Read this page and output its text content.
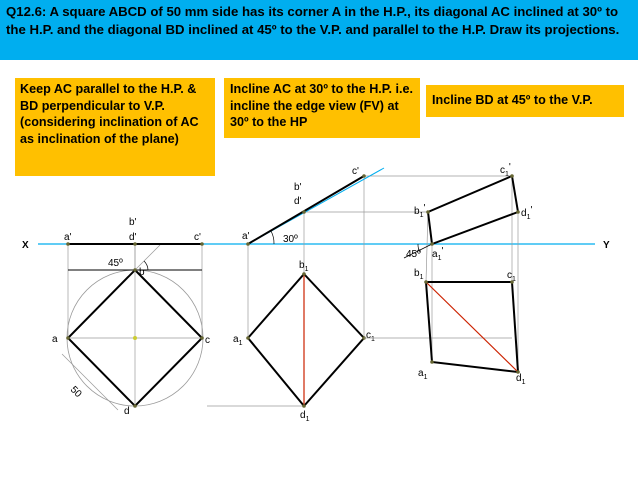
Q12.6: A square ABCD of 50 mm side has its corner A in the H.P., its diagonal AC inclined at 30º to the H.P. and the diagonal BD inclined at 45º to the V.P. and parallel to the H.P. Draw its projections.
Keep AC parallel to the H.P. & BD perpendicular to V.P. (considering inclination of AC as inclination of the plane)
Incline AC at 30º to the H.P. i.e. incline the edge view (FV) at 30º to the HP
Incline BD at 45º to the V.P.
X	Y
50
45º
a'	d'
b'
c'
a
b
c
d
30º
a'
b'
d'
c'
$b_1$
$a_1$
$c_1$
$d_1$
45º
$c_1'$
$b_1'$	$d_1'$
$a_1'$
$b_1$	$c_1$
$a_1$	$d_1$
